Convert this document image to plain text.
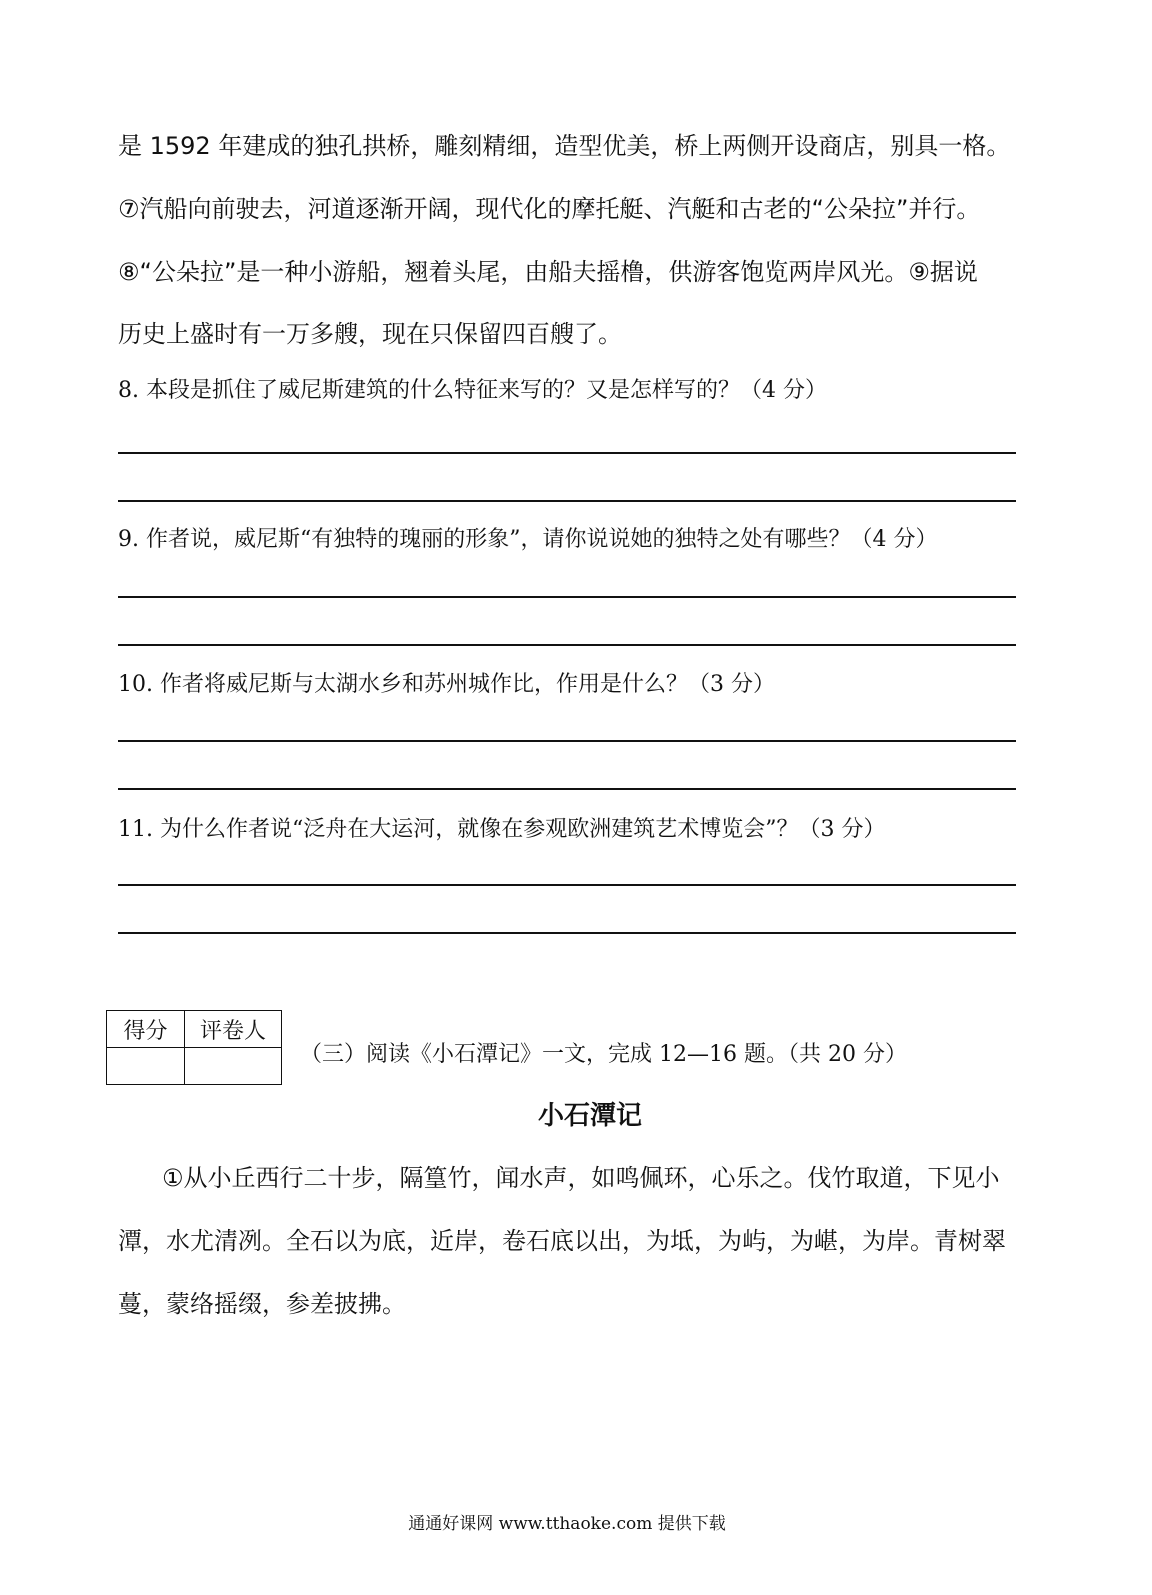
是 1592 年建成的独孔拱桥，雕刻精细，造型优美，桥上两侧开设商店，别具一格。
⑦汽船向前驶去，河道逐渐开阔，现代化的摩托艇、汽艇和古老的“公朵拉”并行。
⑧“公朵拉”是一种小游船，翘着头尾，由船夫摇橹，供游客饱览两岸风光。⑨据说
历史上盛时有一万多艘，现在只保留四百艘了。
8. 本段是抓住了威尼斯建筑的什么特征来写的？又是怎样写的？（4 分）
9. 作者说，威尼斯“有独特的瑰丽的形象”，请你说说她的独特之处有哪些？（4 分）
10. 作者将威尼斯与太湖水乡和苏州城作比，作用是什么？（3 分）
11. 为什么作者说“泛舟在大运河，就像在参观欧洲建筑艺术博览会”？（3 分）
得分	评卷人

（三）阅读《小石潭记》一文，完成 12—16 题。（共 20 分）
小石潭记
①从小丘西行二十步，隔篁竹，闻水声，如鸣佩环，心乐之。伐竹取道，下见小
潭，水尤清冽。全石以为底，近岸，卷石底以出，为坻，为屿，为嵁，为岸。青树翠
蔓，蒙络摇缀，参差披拂。
通通好课网 www.tthaoke.com 提供下载
